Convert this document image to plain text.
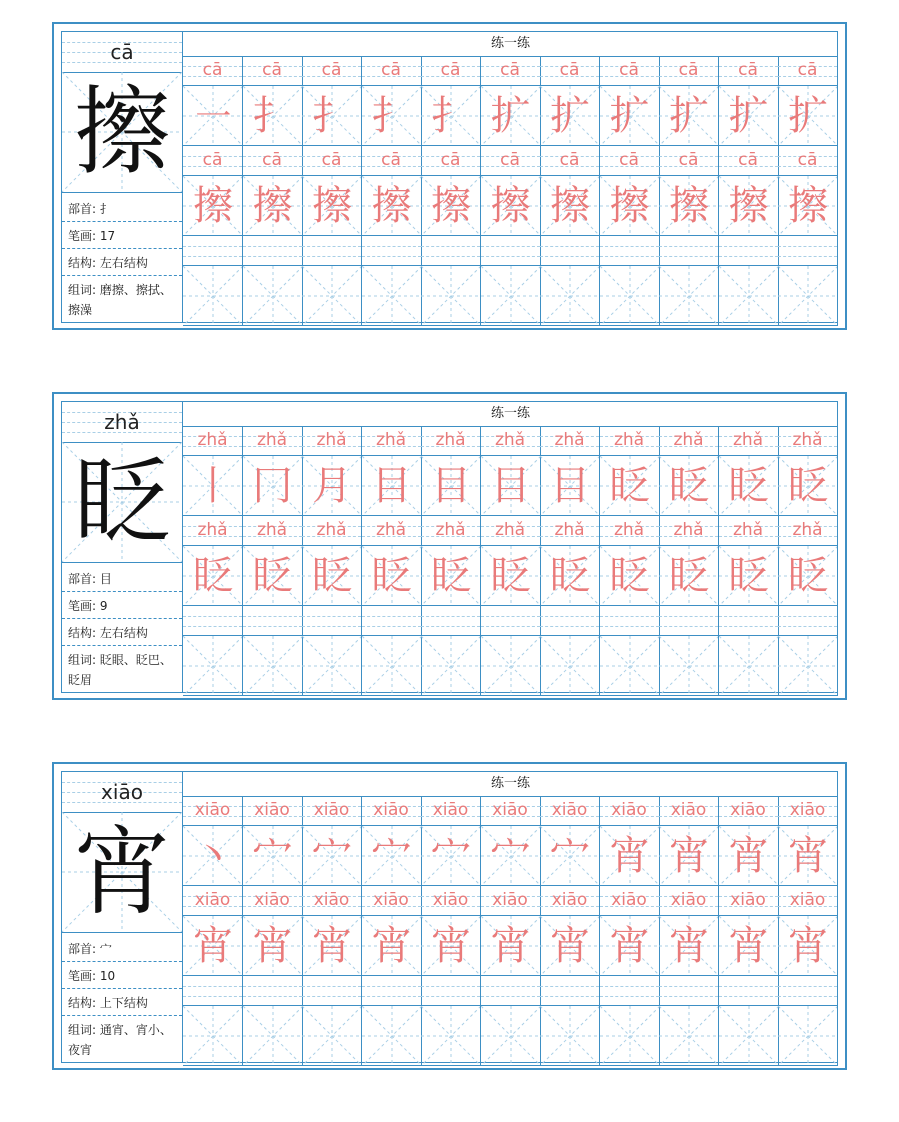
cā
擦
部首: 扌
笔画: 17
结构: 左右结构
组词: 磨擦、擦拭、擦澡
练一练
cā	cā	cā	cā	cā	cā	cā	cā	cā	cā	cā
㇐ 扌 扌 扌 扌 扩 扩 扩 扩 扩 扩
cā	cā	cā	cā	cā	cā	cā	cā	cā	cā	cā
擦 擦 擦 擦 擦 擦 擦 擦 擦 擦 擦
zhǎ
眨
部首: 目
笔画: 9
结构: 左右结构
组词: 眨眼、眨巴、眨眉
练一练
zhǎ	zhǎ	zhǎ	zhǎ	zhǎ	zhǎ	zhǎ	zhǎ	zhǎ	zhǎ	zhǎ
丨 冂 月 目 目 目 目 眨 眨 眨 眨
zhǎ	zhǎ	zhǎ	zhǎ	zhǎ	zhǎ	zhǎ	zhǎ	zhǎ	zhǎ	zhǎ
眨 眨 眨 眨 眨 眨 眨 眨 眨 眨 眨
xiāo
宵
部首: 宀
笔画: 10
结构: 上下结构
组词: 通宵、宵小、夜宵
练一练
xiāo	xiāo	xiāo	xiāo	xiāo	xiāo	xiāo	xiāo	xiāo	xiāo	xiāo
丶 宀 宀 宀 宀 宀 宀 宵 宵 宵 宵
xiāo	xiāo	xiāo	xiāo	xiāo	xiāo	xiāo	xiāo	xiāo	xiāo	xiāo
宵 宵 宵 宵 宵 宵 宵 宵 宵 宵 宵
